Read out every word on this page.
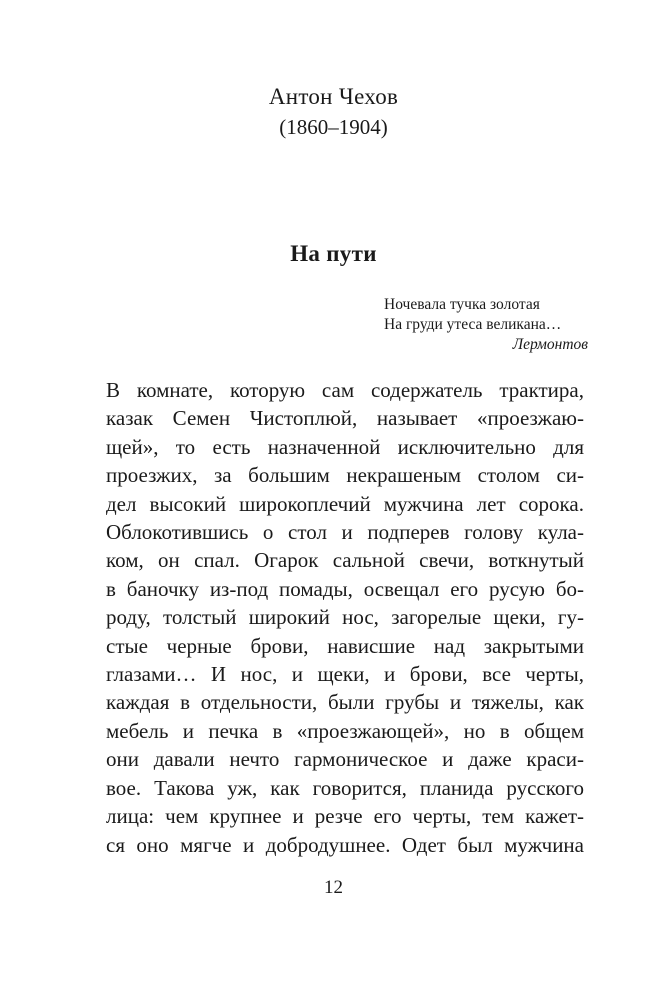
Антон Чехов
(1860–1904)
На пути
Ночевала тучка золотая
На груди утеса великана…
Лермонтов
В комнате, которую сам содержатель трактира,
казак Семен Чистоплюй, называет «проезжаю-
щей», то есть назначенной исключительно для
проезжих, за большим некрашеным столом си-
дел высокий широкоплечий мужчина лет сорока.
Облокотившись о стол и подперев голову кула-
ком, он спал. Огарок сальной свечи, воткнутый
в баночку из-под помады, освещал его русую бо-
роду, толстый широкий нос, загорелые щеки, гу-
стые черные брови, нависшие над закрытыми
глазами… И нос, и щеки, и брови, все черты,
каждая в отдельности, были грубы и тяжелы, как
мебель и печка в «проезжающей», но в общем
они давали нечто гармоническое и даже краси-
вое. Такова уж, как говорится, планида русского
лица: чем крупнее и резче его черты, тем кажет-
ся оно мягче и добродушнее. Одет был мужчина
12
